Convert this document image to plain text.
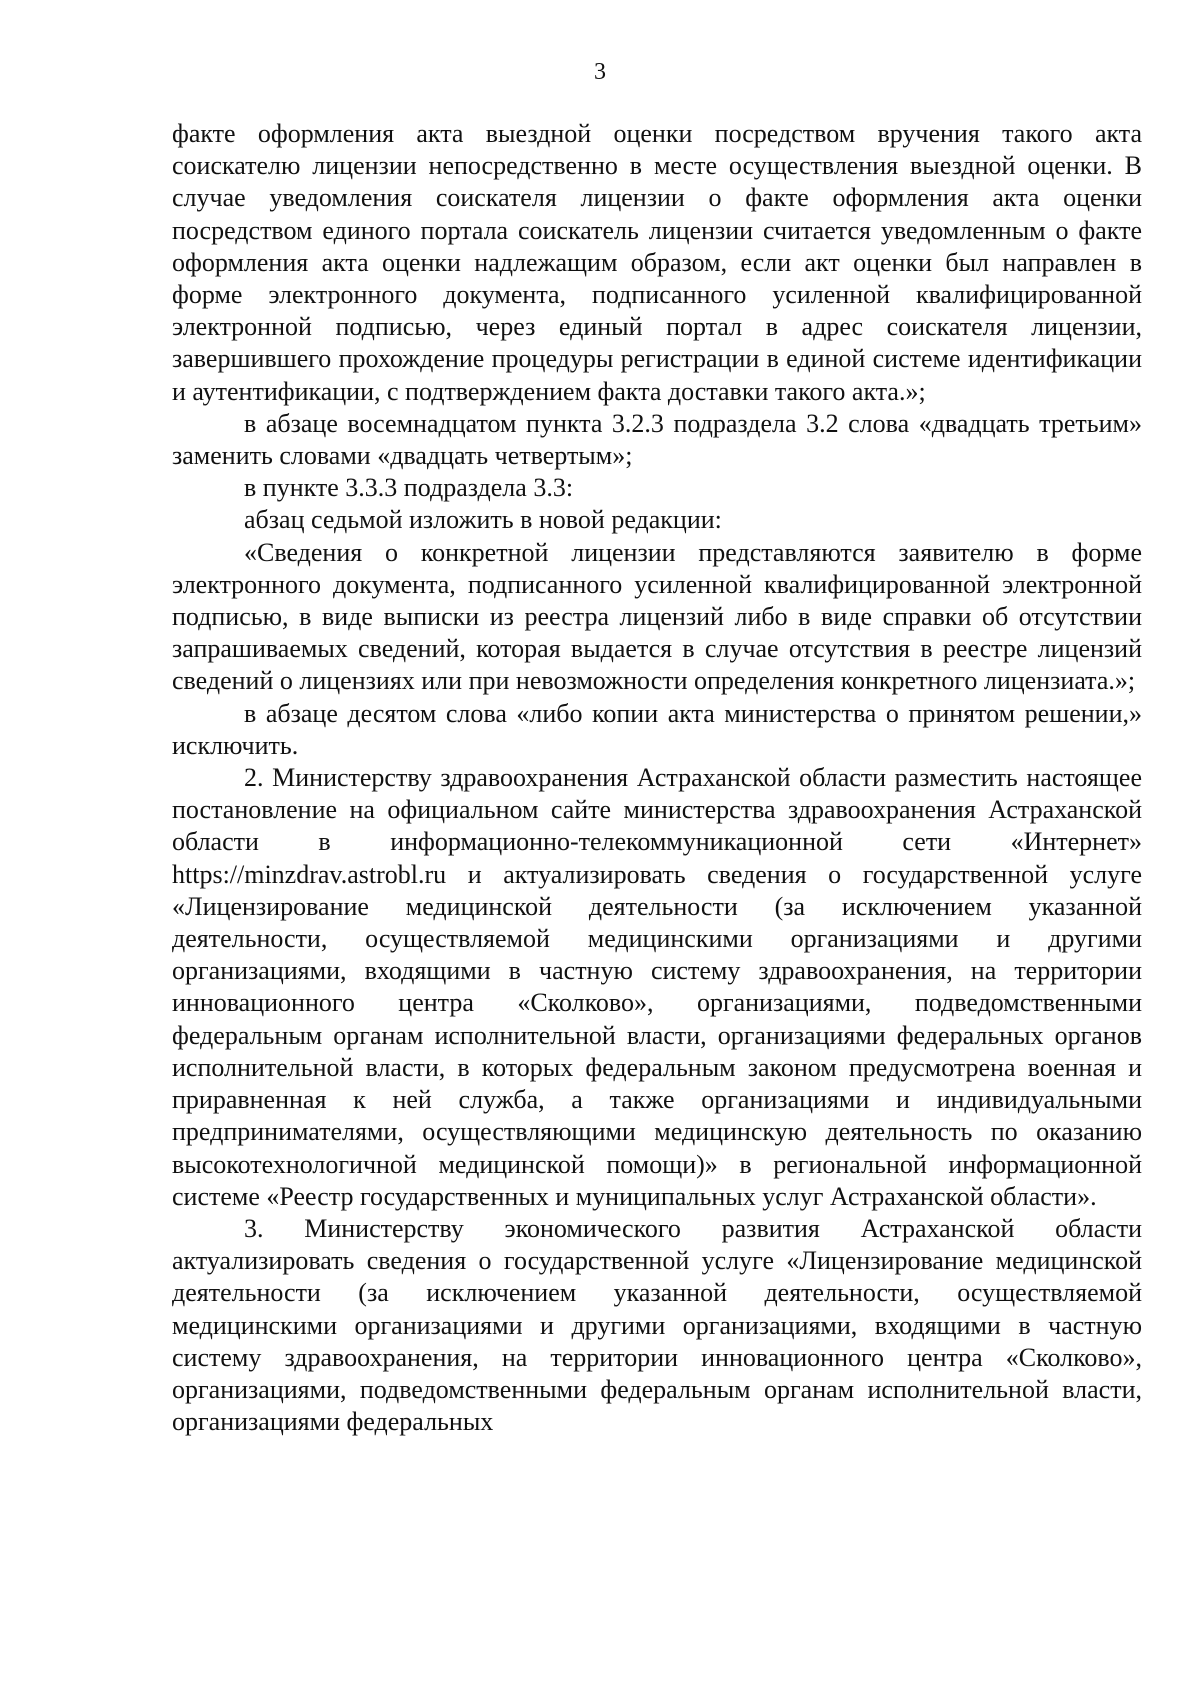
3

факте оформления акта выездной оценки посредством вручения такого акта соискателю лицензии непосредственно в месте осуществления выездной оценки. В случае уведомления соискателя лицензии о факте оформления акта оценки посредством единого портала соискатель лицензии считается уведомленным о факте оформления акта оценки надлежащим образом, если акт оценки был направлен в форме электронного документа, подписанного усиленной квалифицированной электронной подписью, через единый портал в адрес соискателя лицензии, завершившего прохождение процедуры регистрации в единой системе идентификации и аутентификации, с подтверждением факта доставки такого акта.»;

в абзаце восемнадцатом пункта 3.2.3 подраздела 3.2 слова «двадцать третьим» заменить словами «двадцать четвертым»;

в пункте 3.3.3 подраздела 3.3:

абзац седьмой изложить в новой редакции:

«Сведения о конкретной лицензии представляются заявителю в форме электронного документа, подписанного усиленной квалифицированной электронной подписью, в виде выписки из реестра лицензий либо в виде справки об отсутствии запрашиваемых сведений, которая выдается в случае отсутствия в реестре лицензий сведений о лицензиях или при невозможности определения конкретного лицензиата.»;

в абзаце десятом слова «либо копии акта министерства о принятом решении,» исключить.

2. Министерству здравоохранения Астраханской области разместить настоящее постановление на официальном сайте министерства здравоохранения Астраханской области в информационно-телекоммуникационной сети «Интернет» https://minzdrav.astrobl.ru и актуализировать сведения о государственной услуге «Лицензирование медицинской деятельности (за исключением указанной деятельности, осуществляемой медицинскими организациями и другими организациями, входящими в частную систему здравоохранения, на территории инновационного центра «Сколково», организациями, подведомственными федеральным органам исполнительной власти, организациями федеральных органов исполнительной власти, в которых федеральным законом предусмотрена военная и приравненная к ней служба, а также организациями и индивидуальными предпринимателями, осуществляющими медицинскую деятельность по оказанию высокотехнологичной медицинской помощи)» в региональной информационной системе «Реестр государственных и муниципальных услуг Астраханской области».

3. Министерству экономического развития Астраханской области актуализировать сведения о государственной услуге «Лицензирование медицинской деятельности (за исключением указанной деятельности, осуществляемой медицинскими организациями и другими организациями, входящими в частную систему здравоохранения, на территории инновационного центра «Сколково», организациями, подведомственными федеральным органам исполнительной власти, организациями федеральных
